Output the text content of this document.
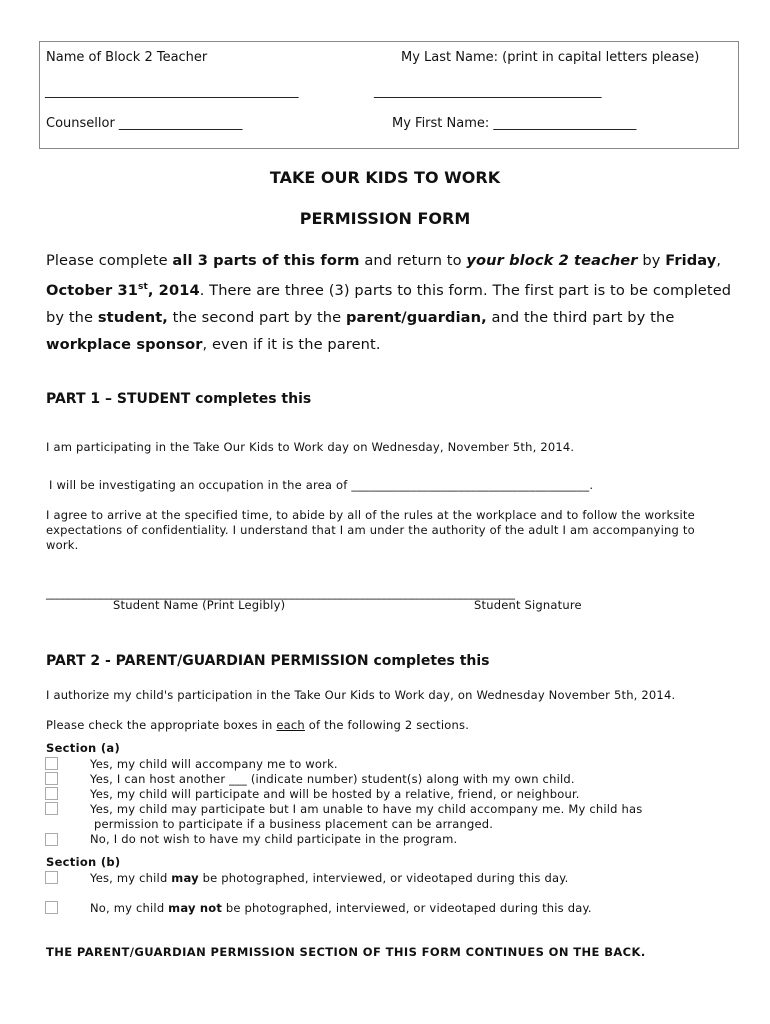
Name of Block 2 Teacher	My Last Name: (print in capital letters please)
_______________________________________	___________________________________
Counsellor ___________________	My First Name: ______________________
TAKE OUR KIDS TO WORK
PERMISSION FORM
Please complete all 3 parts of this form and return to your block 2 teacher by Friday, October 31st, 2014. There are three (3) parts to this form. The first part is to be completed by the student, the second part by the parent/guardian, and the third part by the workplace sponsor, even if it is the parent.
PART 1 – STUDENT completes this
I am participating in the Take Our Kids to Work day on Wednesday, November 5th, 2014.
I will be investigating an occupation in the area of ________________________________________.
I agree to arrive at the specified time, to abide by all of the rules at the workplace and to follow the worksite expectations of confidentiality. I understand that I am under the authority of the adult I am accompanying to work.
______________________________________________________________________________________
Student Name (Print Legibly)	Student Signature
PART 2 - PARENT/GUARDIAN PERMISSION completes this
I authorize my child's participation in the Take Our Kids to Work day, on Wednesday November 5th, 2014.
Please check the appropriate boxes in each of the following 2 sections.
Section (a)
Yes, my child will accompany me to work.
Yes, I can host another ___ (indicate number) student(s) along with my own child.
Yes, my child will participate and will be hosted by a relative, friend, or neighbour.
Yes, my child may participate but I am unable to have my child accompany me. My child has
permission to participate if a business placement can be arranged.
No, I do not wish to have my child participate in the program.
Section (b)
Yes, my child may be photographed, interviewed, or videotaped during this day.
No, my child may not be photographed, interviewed, or videotaped during this day.
THE PARENT/GUARDIAN PERMISSION SECTION OF THIS FORM CONTINUES ON THE BACK.
